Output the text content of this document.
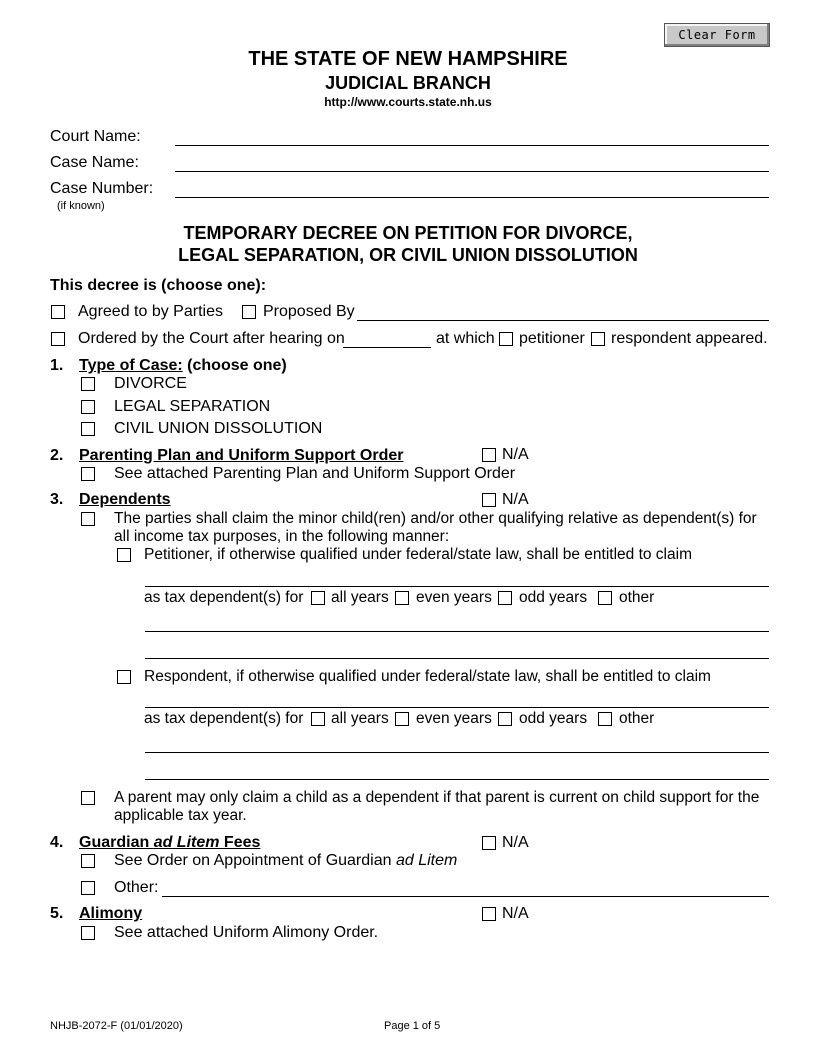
Clear Form
THE STATE OF NEW HAMPSHIRE
JUDICIAL BRANCH
http://www.courts.state.nh.us
Court Name:
Case Name:
Case Number:
(if known)
TEMPORARY DECREE ON PETITION FOR DIVORCE,
LEGAL SEPARATION, OR CIVIL UNION DISSOLUTION
This decree is (choose one):
Agreed to by Parties	Proposed By
Ordered by the Court after hearing on	at which petitioner respondent appeared.
1. Type of Case: (choose one)
DIVORCE
LEGAL SEPARATION
CIVIL UNION DISSOLUTION
2. Parenting Plan and Uniform Support Order	N/A
See attached Parenting Plan and Uniform Support Order
3. Dependents	N/A
The parties shall claim the minor child(ren) and/or other qualifying relative as dependent(s) for
all income tax purposes, in the following manner:
Petitioner, if otherwise qualified under federal/state law, shall be entitled to claim
as tax dependent(s) for all years even years odd years other
Respondent, if otherwise qualified under federal/state law, shall be entitled to claim
as tax dependent(s) for all years even years odd years other
A parent may only claim a child as a dependent if that parent is current on child support for the
applicable tax year.
4. Guardian ad Litem Fees	N/A
See Order on Appointment of Guardian ad Litem
Other:
5. Alimony	N/A
See attached Uniform Alimony Order.
NHJB-2072-F (01/01/2020)	Page 1 of 5
